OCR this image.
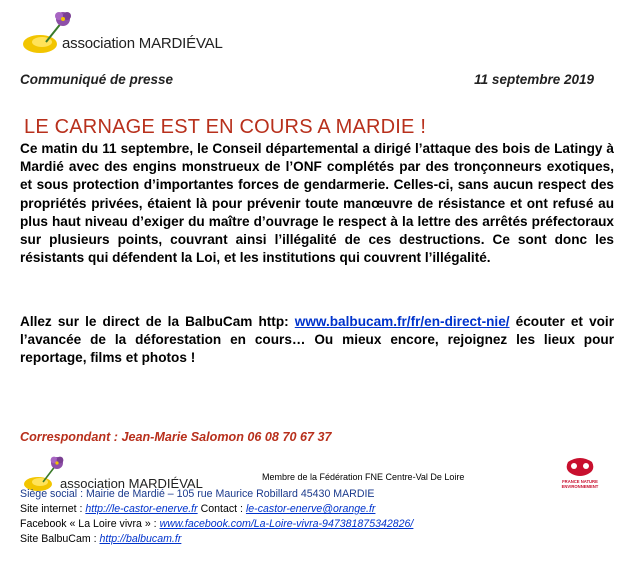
association MARDIÉVAL
Communiqué de presse	11 septembre 2019
LE CARNAGE EST EN COURS A MARDIE !
Ce matin du 11 septembre, le Conseil départemental a dirigé l’attaque des bois de Latingy à Mardié avec des engins monstrueux de l’ONF complétés par des tronçonneurs exotiques, et sous protection d’importantes forces de gendarmerie. Celles-ci, sans aucun respect des propriétés privées, étaient là pour prévenir toute manœuvre de résistance et ont refusé au plus haut niveau d’exiger du maître d’ouvrage le respect à la lettre des arrêtés préfectoraux sur plusieurs points, couvrant ainsi l’illégalité de ces destructions. Ce sont donc les résistants qui défendent la Loi, et les institutions qui couvrent l’illégalité.
Allez sur le direct de la BalbuCam http: www.balbucam.fr/fr/en-direct-nie/ écouter et voir l’avancée de la déforestation en cours… Ou mieux encore, rejoignez les lieux pour reportage, films et photos !
Correspondant : Jean-Marie Salomon 06 08 70 67 37
association MARDIÉVAL	Membre de la Fédération FNE Centre-Val De Loire	FRANCE NATURE
ENVIRONNEMENT
Siège social : Mairie de Mardié – 105 rue Maurice Robillard 45430 MARDIE
Site internet : http://le-castor-enerve.fr Contact : le-castor-enerve@orange.fr
Facebook « La Loire vivra » : www.facebook.com/La-Loire-vivra-947381875342826/
Site BalbuCam : http://balbucam.fr
